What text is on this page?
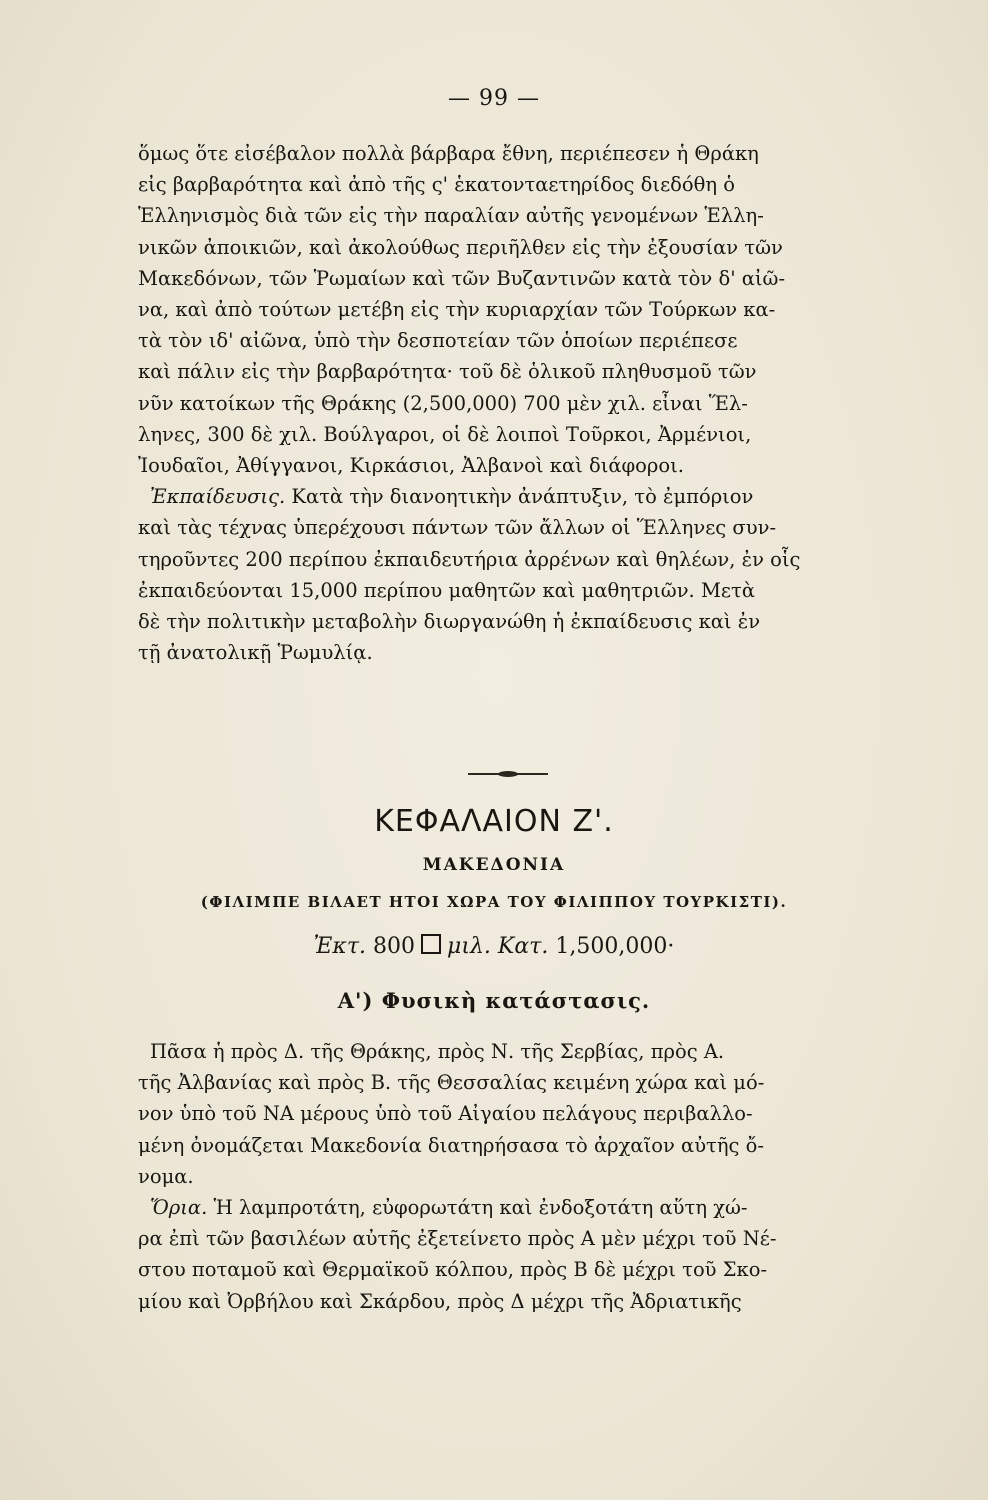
— 99 —
ὅμως ὅτε εἰσέβαλον πολλὰ βάρβαρα ἔθνη, περιέπεσεν ἡ Θράκη
εἰς βαρβαρότητα καὶ ἀπὸ τῆς ς' ἑκατονταετηρίδος διεδόθη ὁ
Ἑλληνισμὸς διὰ τῶν εἰς τὴν παραλίαν αὐτῆς γενομένων Ἑλλη-
νικῶν ἀποικιῶν, καὶ ἀκολούθως περιῆλθεν εἰς τὴν ἐξουσίαν τῶν
Μακεδόνων, τῶν Ῥωμαίων καὶ τῶν Βυζαντινῶν κατὰ τὸν δ' αἰῶ-
να, καὶ ἀπὸ τούτων μετέβη εἰς τὴν κυριαρχίαν τῶν Τούρκων κα-
τὰ τὸν ιδ' αἰῶνα, ὑπὸ τὴν δεσποτείαν τῶν ὁποίων περιέπεσε
καὶ πάλιν εἰς τὴν βαρβαρότητα· τοῦ δὲ ὁλικοῦ πληθυσμοῦ τῶν
νῦν κατοίκων τῆς Θράκης (2,500,000) 700 μὲν χιλ. εἶναι Ἕλ-
ληνες, 300 δὲ χιλ. Βούλγαροι, οἱ δὲ λοιποὶ Τοῦρκοι, Ἀρμένιοι,
Ἰουδαῖοι, Ἀθίγγανοι, Κιρκάσιοι, Ἀλβανοὶ καὶ διάφοροι.
Ἐκπαίδευσις. Κατὰ τὴν διανοητικὴν ἀνάπτυξιν, τὸ ἐμπόριον
καὶ τὰς τέχνας ὑπερέχουσι πάντων τῶν ἄλλων οἱ Ἕλληνες συν-
τηροῦντες 200 περίπου ἐκπαιδευτήρια ἀρρένων καὶ θηλέων, ἐν οἷς
ἐκπαιδεύονται 15,000 περίπου μαθητῶν καὶ μαθητριῶν. Μετὰ
δὲ τὴν πολιτικὴν μεταβολὴν διωργανώθη ἡ ἐκπαίδευσις καὶ ἐν
τῇ ἀνατολικῇ Ῥωμυλίᾳ.
ΚΕΦΑΛΑΙΟΝ Ζ'.
ΜΑΚΕΔΟΝΙΑ
(ΦΙΛΙΜΠΕ ΒΙΛΑΕΤ ΗΤΟΙ ΧΩΡΑ ΤΟΥ ΦΙΛΙΠΠΟΥ ΤΟΥΡΚΙΣΤΙ).
Ἐκτ. 800 μιλ. Κατ. 1,500,000·
Α') Φυσικὴ κατάστασις.
Πᾶσα ἡ πρὸς Δ. τῆς Θράκης, πρὸς Ν. τῆς Σερβίας, πρὸς Α.
τῆς Ἀλβανίας καὶ πρὸς Β. τῆς Θεσσαλίας κειμένη χώρα καὶ μό-
νον ὑπὸ τοῦ ΝΑ μέρους ὑπὸ τοῦ Αἰγαίου πελάγους περιβαλλο-
μένη ὀνομάζεται Μακεδονία διατηρήσασα τὸ ἀρχαῖον αὐτῆς ὄ-
νομα.
Ὅρια. Ἡ λαμπροτάτη, εὐφορωτάτη καὶ ἐνδοξοτάτη αὕτη χώ-
ρα ἐπὶ τῶν βασιλέων αὐτῆς ἐξετείνετο πρὸς Α μὲν μέχρι τοῦ Νέ-
στου ποταμοῦ καὶ Θερμαϊκοῦ κόλπου, πρὸς Β δὲ μέχρι τοῦ Σκο-
μίου καὶ Ὀρβήλου καὶ Σκάρδου, πρὸς Δ μέχρι τῆς Ἀδριατικῆς
